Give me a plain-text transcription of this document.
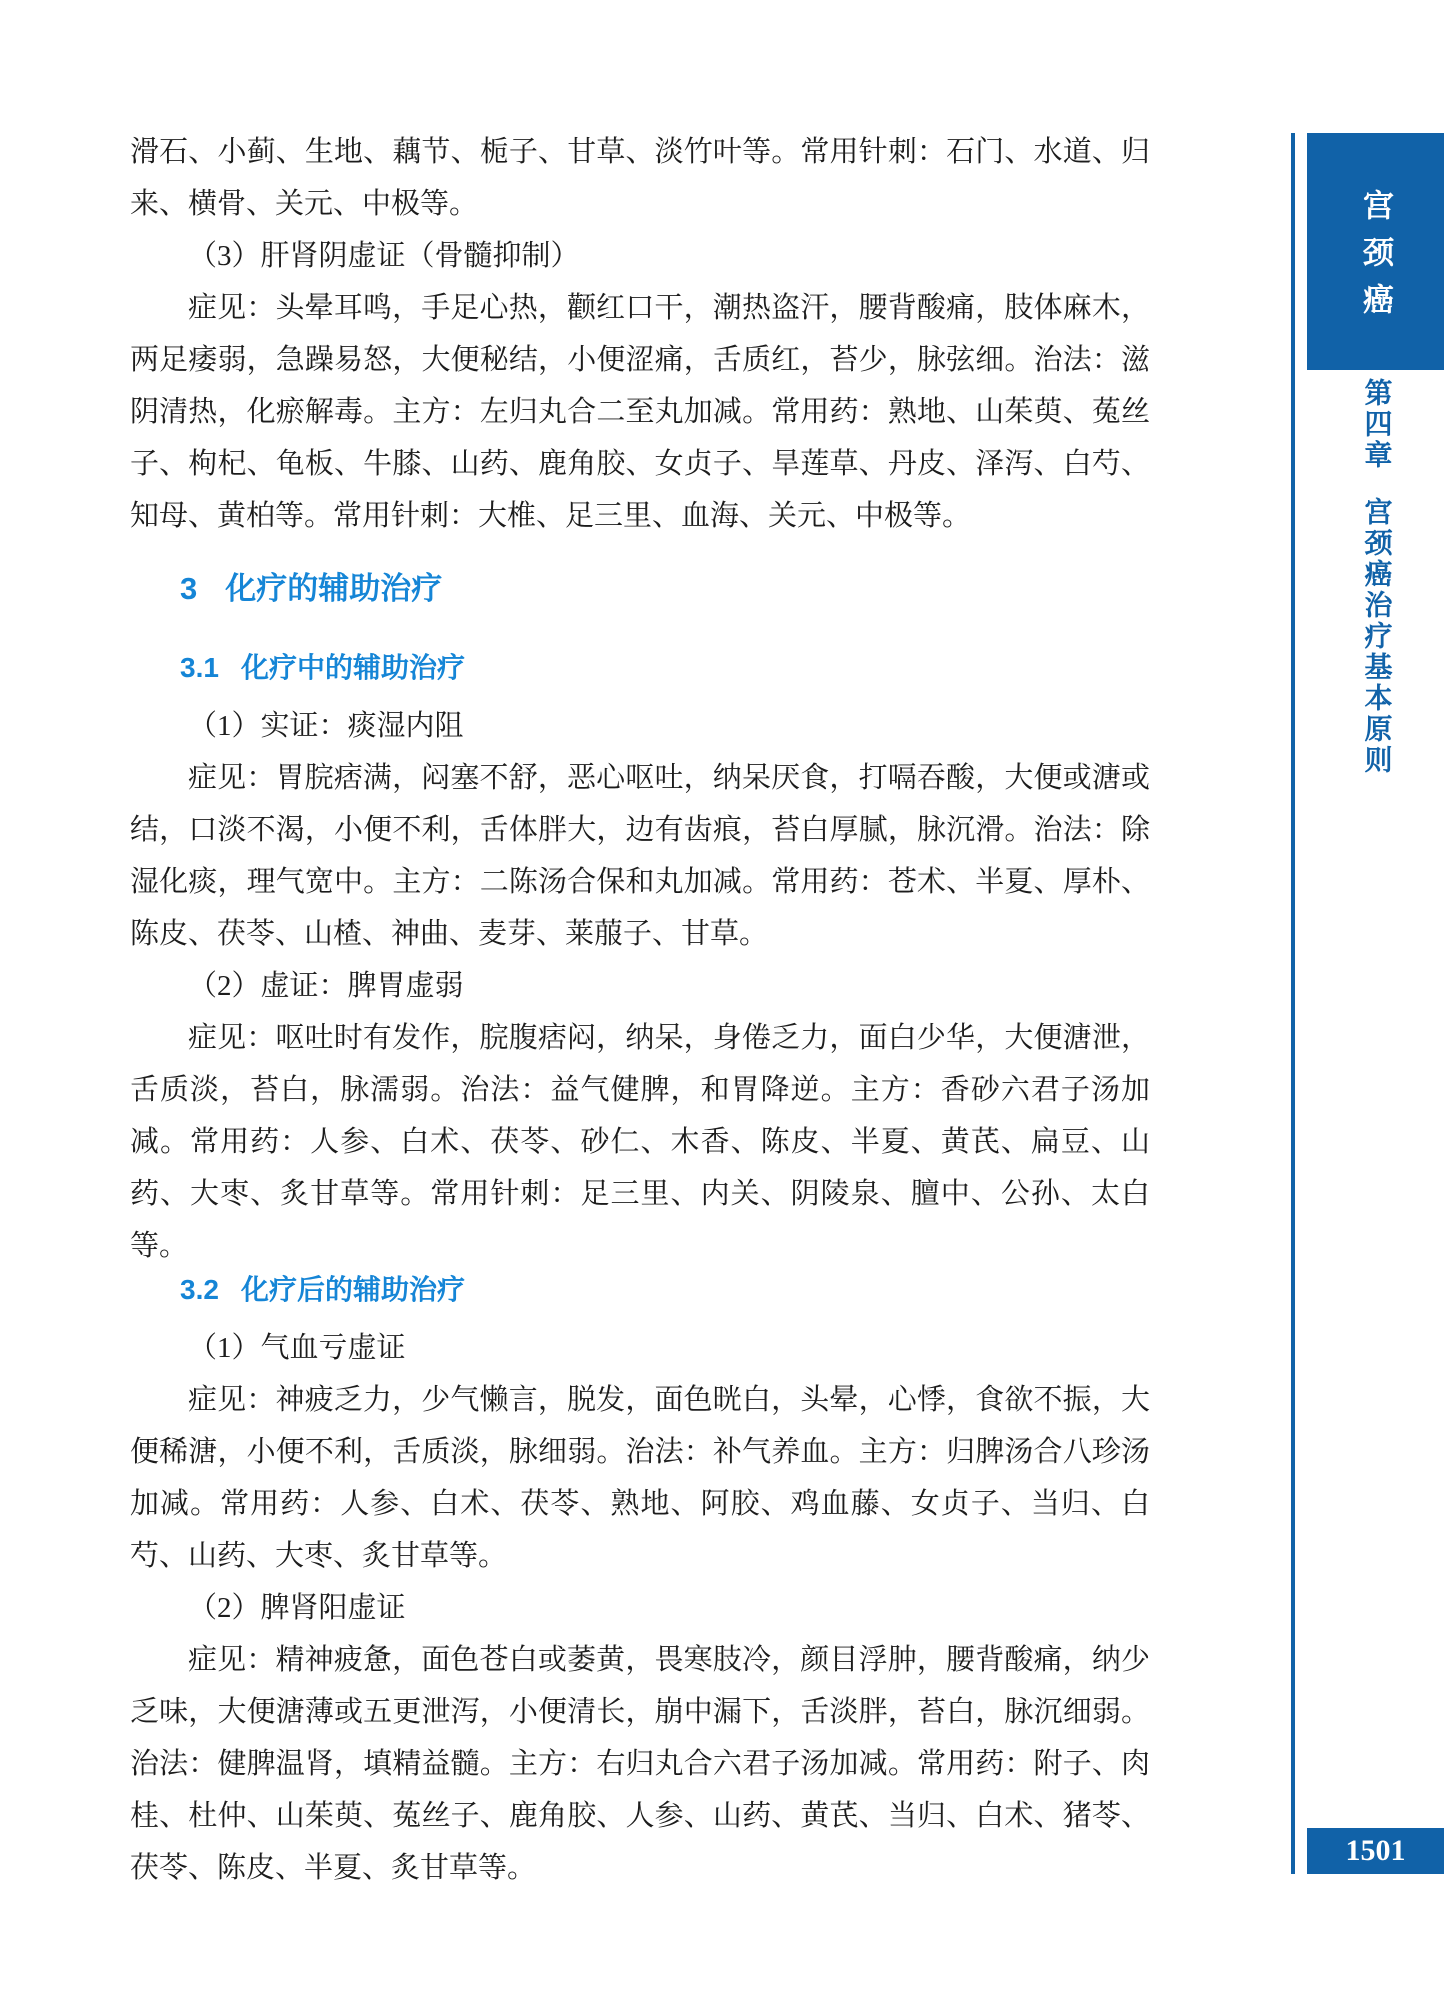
滑石、小蓟、生地、藕节、栀子、甘草、淡竹叶等。常用针刺：石门、水道、归来、横骨、关元、中极等。

（3）肝肾阴虚证（骨髓抑制）

症见：头晕耳鸣，手足心热，颧红口干，潮热盗汗，腰背酸痛，肢体麻木，两足痿弱，急躁易怒，大便秘结，小便涩痛，舌质红，苔少，脉弦细。治法：滋阴清热，化瘀解毒。主方：左归丸合二至丸加减。常用药：熟地、山茱萸、菟丝子、枸杞、龟板、牛膝、山药、鹿角胶、女贞子、旱莲草、丹皮、泽泻、白芍、知母、黄柏等。常用针刺：大椎、足三里、血海、关元、中极等。

3 化疗的辅助治疗
3.1 化疗中的辅助治疗

（1）实证：痰湿内阻

症见：胃脘痞满，闷塞不舒，恶心呕吐，纳呆厌食，打嗝吞酸，大便或溏或结，口淡不渴，小便不利，舌体胖大，边有齿痕，苔白厚腻，脉沉滑。治法：除湿化痰，理气宽中。主方：二陈汤合保和丸加减。常用药：苍术、半夏、厚朴、陈皮、茯苓、山楂、神曲、麦芽、莱菔子、甘草。

（2）虚证：脾胃虚弱

症见：呕吐时有发作，脘腹痞闷，纳呆，身倦乏力，面白少华，大便溏泄，舌质淡，苔白，脉濡弱。治法：益气健脾，和胃降逆。主方：香砂六君子汤加减。常用药：人参、白术、茯苓、砂仁、木香、陈皮、半夏、黄芪、扁豆、山药、大枣、炙甘草等。常用针刺：足三里、内关、阴陵泉、膻中、公孙、太白等。

3.2 化疗后的辅助治疗

（1）气血亏虚证

症见：神疲乏力，少气懒言，脱发，面色晄白，头晕，心悸，食欲不振，大便稀溏，小便不利，舌质淡，脉细弱。治法：补气养血。主方：归脾汤合八珍汤加减。常用药：人参、白术、茯苓、熟地、阿胶、鸡血藤、女贞子、当归、白芍、山药、大枣、炙甘草等。

（2）脾肾阳虚证

症见：精神疲惫，面色苍白或萎黄，畏寒肢冷，颜目浮肿，腰背酸痛，纳少乏味，大便溏薄或五更泄泻，小便清长，崩中漏下，舌淡胖，苔白，脉沉细弱。治法：健脾温肾，填精益髓。主方：右归丸合六君子汤加减。常用药：附子、肉桂、杜仲、山茱萸、菟丝子、鹿角胶、人参、山药、黄芪、当归、白术、猪苓、茯苓、陈皮、半夏、炙甘草等。

宫颈癌
第四章
宫颈癌治疗基本原则
1501
